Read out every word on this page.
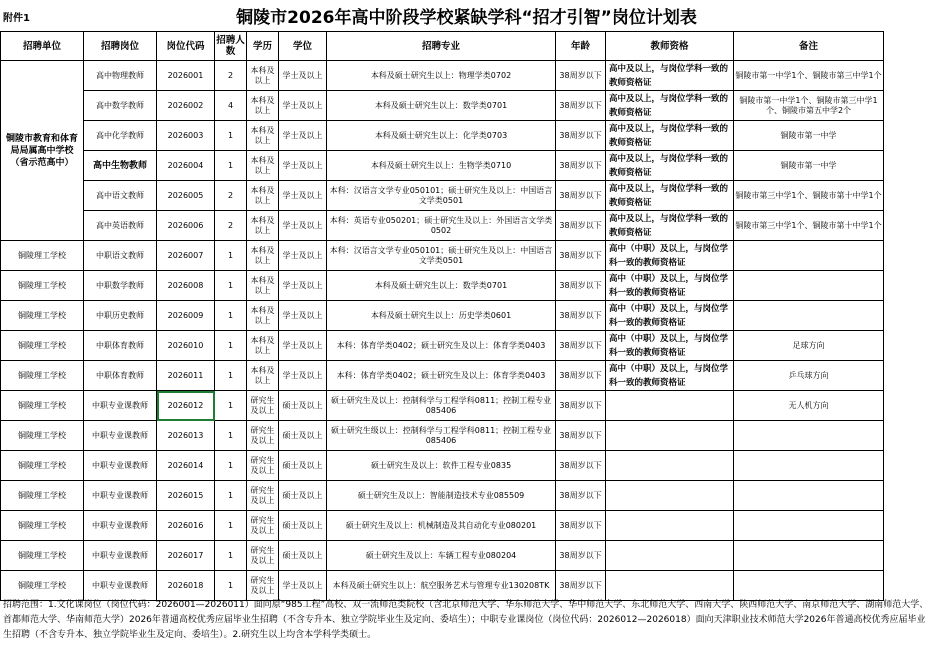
附件1	铜陵市2026年高中阶段学校紧缺学科“招才引智”岗位计划表
招聘单位	招聘岗位	岗位代码	招聘人数	学历	学位	招聘专业	年龄	教师资格	备注
铜陵市教育和体育局局属高中学校（省示范高中）	高中物理教师	2026001	2	本科及以上	学士及以上	本科及硕士研究生以上：物理学类0702	38周岁以下	高中及以上，与岗位学科一致的教师资格证	铜陵市第一中学1个、铜陵市第三中学1个
	高中数学教师	2026002	4	本科及以上	学士及以上	本科及硕士研究生以上：数学类0701	38周岁以下	高中及以上，与岗位学科一致的教师资格证	铜陵市第一中学1个、铜陵市第三中学1个、铜陵市第五中学2个
	高中化学教师	2026003	1	本科及以上	学士及以上	本科及硕士研究生以上：化学类0703	38周岁以下	高中及以上，与岗位学科一致的教师资格证	铜陵市第一中学
	高中生物教师	2026004	1	本科及以上	学士及以上	本科及硕士研究生以上：生物学类0710	38周岁以下	高中及以上，与岗位学科一致的教师资格证	铜陵市第一中学
	高中语文教师	2026005	2	本科及以上	学士及以上	本科：汉语言文学专业050101；硕士研究生及以上：中国语言文学类0501	38周岁以下	高中及以上，与岗位学科一致的教师资格证	铜陵市第三中学1个、铜陵市第十中学1个
	高中英语教师	2026006	2	本科及以上	学士及以上	本科：英语专业050201；硕士研究生及以上：外国语言文学类0502	38周岁以下	高中及以上，与岗位学科一致的教师资格证	铜陵市第三中学1个、铜陵市第十中学1个
铜陵理工学校	中职语文教师	2026007	1	本科及以上	学士及以上	本科：汉语言文学专业050101；硕士研究生及以上：中国语言文学类0501	38周岁以下	高中（中职）及以上，与岗位学科一致的教师资格证	
铜陵理工学校	中职数学教师	2026008	1	本科及以上	学士及以上	本科及硕士研究生以上：数学类0701	38周岁以下	高中（中职）及以上，与岗位学科一致的教师资格证	
铜陵理工学校	中职历史教师	2026009	1	本科及以上	学士及以上	本科及硕士研究生以上：历史学类0601	38周岁以下	高中（中职）及以上，与岗位学科一致的教师资格证	
铜陵理工学校	中职体育教师	2026010	1	本科及以上	学士及以上	本科：体育学类0402；硕士研究生及以上：体育学类0403	38周岁以下	高中（中职）及以上，与岗位学科一致的教师资格证	足球方向
铜陵理工学校	中职体育教师	2026011	1	本科及以上	学士及以上	本科：体育学类0402；硕士研究生及以上：体育学类0403	38周岁以下	高中（中职）及以上，与岗位学科一致的教师资格证	乒乓球方向
铜陵理工学校	中职专业课教师	2026012	1	研究生及以上	硕士及以上	硕士研究生及以上：控制科学与工程学科0811；控制工程专业085406	38周岁以下		无人机方向
铜陵理工学校	中职专业课教师	2026013	1	研究生及以上	硕士及以上	硕士研究生级以上：控制科学与工程学科0811；控制工程专业085406	38周岁以下		
铜陵理工学校	中职专业课教师	2026014	1	研究生及以上	硕士及以上	硕士研究生及以上：软件工程专业0835	38周岁以下		
铜陵理工学校	中职专业课教师	2026015	1	研究生及以上	硕士及以上	硕士研究生及以上：智能制造技术专业085509	38周岁以下		
铜陵理工学校	中职专业课教师	2026016	1	研究生及以上	硕士及以上	硕士研究生及以上：机械制造及其自动化专业080201	38周岁以下		
铜陵理工学校	中职专业课教师	2026017	1	研究生及以上	硕士及以上	硕士研究生及以上：车辆工程专业080204	38周岁以下		
铜陵理工学校	中职专业课教师	2026018	1	研究生及以上	学士及以上	本科及硕士研究生以上：航空服务艺术与管理专业130208TK	38周岁以下		
招聘范围：1.文化课岗位（岗位代码：2026001—2026011）面向原“985工程”高校、双一流师范类院校（含北京师范大学、华东师范大学、华中师范大学、东北师范大学、西南大学、陕西师范大学、南京师范大学、湖南师范大学、首都师范大学、华南师范大学）2026年普通高校优秀应届毕业生招聘（不含专升本、独立学院毕业生及定向、委培生）；中职专业课岗位（岗位代码：2026012—2026018）面向天津职业技术师范大学2026年普通高校优秀应届毕业生招聘（不含专升本、独立学院毕业生及定向、委培生）。2.研究生以上均含本学科学类硕士。
